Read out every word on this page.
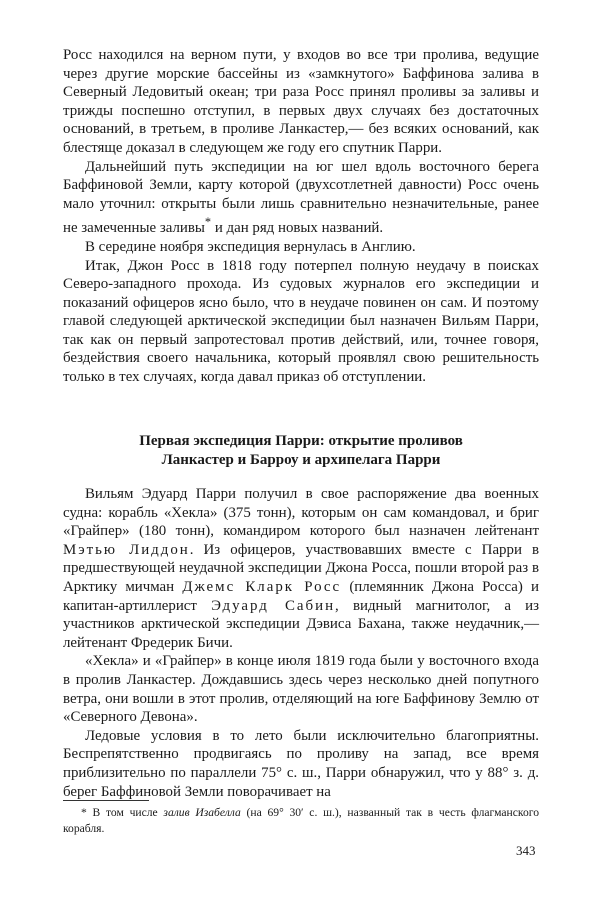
Росс находился на верном пути, у входов во все три пролива, ведущие через другие морские бассейны из «замкнутого» Баффинова залива в Северный Ледовитый океан; три раза Росс принял проливы за заливы и трижды поспешно отступил, в первых двух случаях без достаточных оснований, в третьем, в проливе Ланкастер,— без всяких оснований, как блестяще доказал в следующем же году его спутник Парри.

Дальнейший путь экспедиции на юг шел вдоль восточного берега Баффиновой Земли, карту которой (двухсотлетней давности) Росс очень мало уточнил: открыты были лишь сравнительно незначительные, ранее не замеченные заливы* и дан ряд новых названий.

В середине ноября экспедиция вернулась в Англию.

Итак, Джон Росс в 1818 году потерпел полную неудачу в поисках Северо-западного прохода. Из судовых журналов его экспедиции и показаний офицеров ясно было, что в неудаче повинен он сам. И поэтому главой следующей арктической экспедиции был назначен Вильям Парри, так как он первый запротестовал против действий, или, точнее говоря, бездействия своего начальника, который проявлял свою решительность только в тех случаях, когда давал приказ об отступлении.

Первая экспедиция Парри: открытие проливов
Ланкастер и Барроу и архипелага Парри

Вильям Эдуард Парри получил в свое распоряжение два военных судна: корабль «Хекла» (375 тонн), которым он сам командовал, и бриг «Грайпер» (180 тонн), командиром которого был назначен лейтенант Мэтью Лиддон. Из офицеров, участвовавших вместе с Парри в предшествующей неудачной экспедиции Джона Росса, пошли второй раз в Арктику мичман Джемс Кларк Росс (племянник Джона Росса) и капитан-артиллерист Эдуард Сабин, видный магнитолог, а из участников арктической экспедиции Дэвиса Бахана, также неудачник,— лейтенант Фредерик Бичи.

«Хекла» и «Грайпер» в конце июля 1819 года были у восточного входа в пролив Ланкастер. Дождавшись здесь через несколько дней попутного ветра, они вошли в этот пролив, отделяющий на юге Баффинову Землю от «Северного Девона».

Ледовые условия в то лето были исключительно благоприятны. Беспрепятственно продвигаясь по проливу на запад, все время приблизительно по параллели 75° с. ш., Парри обнаружил, что у 88° з. д. берег Баффиновой Земли поворачивает на

* В том числе залив Изабелла (на 69° 30′ с. ш.), названный так в честь флагманского корабля.

343
